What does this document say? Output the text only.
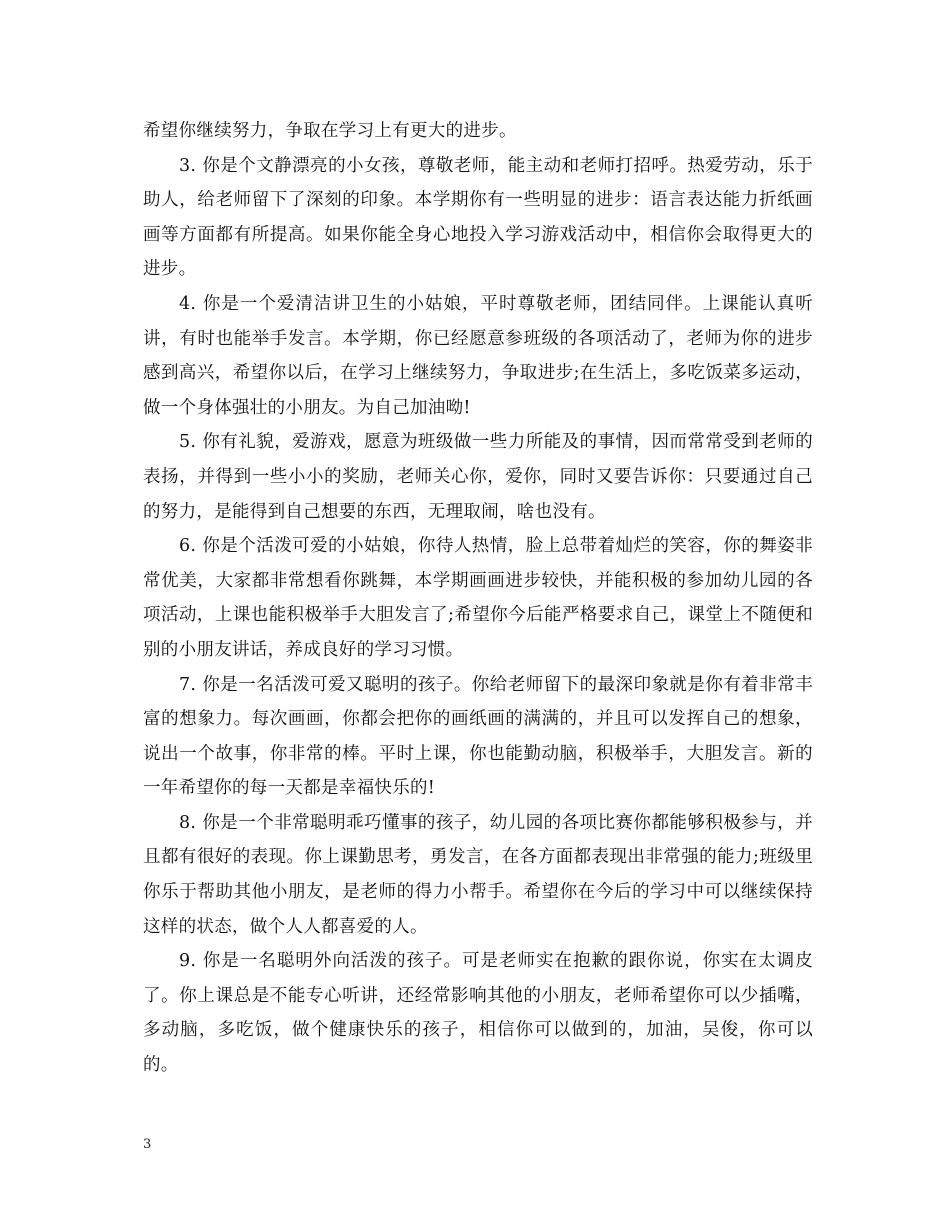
希望你继续努力，争取在学习上有更大的进步。

3. 你是个文静漂亮的小女孩，尊敬老师，能主动和老师打招呼。热爱劳动，乐于助人，给老师留下了深刻的印象。本学期你有一些明显的进步：语言表达能力折纸画画等方面都有所提高。如果你能全身心地投入学习游戏活动中，相信你会取得更大的进步。

4. 你是一个爱清洁讲卫生的小姑娘，平时尊敬老师，团结同伴。上课能认真听讲，有时也能举手发言。本学期，你已经愿意参班级的各项活动了，老师为你的进步感到高兴，希望你以后，在学习上继续努力，争取进步;在生活上，多吃饭菜多运动，做一个身体强壮的小朋友。为自己加油呦!

5. 你有礼貌，爱游戏，愿意为班级做一些力所能及的事情，因而常常受到老师的表扬，并得到一些小小的奖励，老师关心你，爱你，同时又要告诉你：只要通过自己的努力，是能得到自己想要的东西，无理取闹，啥也没有。

6. 你是个活泼可爱的小姑娘，你待人热情，脸上总带着灿烂的笑容，你的舞姿非常优美，大家都非常想看你跳舞，本学期画画进步较快，并能积极的参加幼儿园的各项活动，上课也能积极举手大胆发言了;希望你今后能严格要求自己，课堂上不随便和别的小朋友讲话，养成良好的学习习惯。

7. 你是一名活泼可爱又聪明的孩子。你给老师留下的最深印象就是你有着非常丰富的想象力。每次画画，你都会把你的画纸画的满满的，并且可以发挥自己的想象，说出一个故事，你非常的棒。平时上课，你也能勤动脑，积极举手，大胆发言。新的一年希望你的每一天都是幸福快乐的!

8. 你是一个非常聪明乖巧懂事的孩子，幼儿园的各项比赛你都能够积极参与，并且都有很好的表现。你上课勤思考，勇发言，在各方面都表现出非常强的能力;班级里你乐于帮助其他小朋友，是老师的得力小帮手。希望你在今后的学习中可以继续保持这样的状态，做个人人都喜爱的人。

9. 你是一名聪明外向活泼的孩子。可是老师实在抱歉的跟你说，你实在太调皮了。你上课总是不能专心听讲，还经常影响其他的小朋友，老师希望你可以少插嘴，多动脑，多吃饭，做个健康快乐的孩子，相信你可以做到的，加油，吴俊，你可以的。

3
